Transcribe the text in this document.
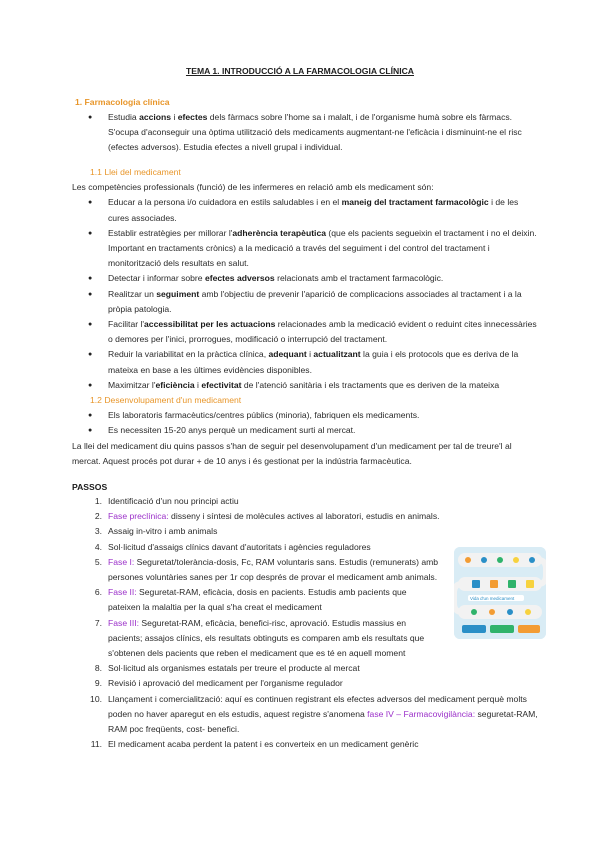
TEMA 1. INTRODUCCIÓ A LA FARMACOLOGIA CLÍNICA
1. Farmacologia clínica
● Estudia accions i efectes dels fàrmacs sobre l'home sa i malalt, i de l'organisme humà sobre els fàrmacs. S'ocupa d'aconseguir una òptima utilització dels medicaments augmentant-ne l'eficàcia i disminuint-ne el risc (efectes adversos). Estudia efectes a nivell grupal i individual.
1.1 Llei del medicament
Les competències professionals (funció) de les infermeres en relació amb els medicament són:
● Educar a la persona i/o cuidadora en estils saludables i en el maneig del tractament farmacològic i de les cures associades.
● Establir estratègies per millorar l'adherència terapèutica (que els pacients segueixin el tractament i no el deixin. Important en tractaments crònics) a la medicació a través del seguiment i del control del tractament i monitorització dels resultats en salut.
● Detectar i informar sobre efectes adversos relacionats amb el tractament farmacològic.
● Realitzar un seguiment amb l'objectiu de prevenir l'aparició de complicacions associades al tractament i a la pròpia patologia.
● Facilitar l'accessibilitat per les actuacions relacionades amb la medicació evident o reduint cites innecessàries o demores per l'inici, prorrogues, modificació o interrupció del tractament.
● Reduir la variabilitat en la pràctica clínica, adequant i actualitzant la guia i els protocols que es deriva de la mateixa en base a les últimes evidències disponibles.
● Maximitzar l'eficiència i efectivitat de l'atenció sanitària i els tractaments que es deriven de la mateixa
1.2 Desenvolupament d'un medicament
● Els laboratoris farmacèutics/centres públics (minoria), fabriquen els medicaments.
● Es necessiten 15-20 anys perquè un medicament surti al mercat.
La llei del medicament diu quins passos s'han de seguir pel desenvolupament d'un medicament per tal de treure'l al mercat. Aquest procés pot durar + de 10 anys i és gestionat per la indústria farmacèutica.
PASSOS
1. Identificació d'un nou principi actiu
2. Fase preclínica: disseny i síntesi de molècules actives al laboratori, estudis en animals.
3. Assaig in-vitro i amb animals
4. Sol·licitud d'assaigs clínics davant d'autoritats i agències reguladores
5. Fase I: Seguretat/tolerància-dosis, Fc, RAM voluntaris sans. Estudis (remunerats) amb persones voluntàries sanes per 1r cop després de provar el medicament amb animals.
6. Fase II: Seguretat-RAM, eficàcia, dosis en pacients. Estudis amb pacients que pateixen la malaltia per la qual s'ha creat el medicament
7. Fase III: Seguretat-RAM, eficàcia, benefici-risc, aprovació. Estudis massius en pacients; assajos clínics, els resultats obtinguts es comparen amb els resultats que s'obtenen dels pacients que reben el medicament que es té en aquell moment
8. Sol·licitud als organismes estatals per treure el producte al mercat
9. Revisió i aprovació del medicament per l'organisme regulador
10. Llançament i comercialització: aquí es continuen registrant els efectes adversos del medicament perquè molts poden no haver aparegut en els estudis, aquest registre s'anomena fase IV – Farmacovigilància: seguretat-RAM, RAM poc freqüents, cost- benefici.
11. El medicament acaba perdent la patent i es converteix en un medicament genèric
Vida d'un medicament
